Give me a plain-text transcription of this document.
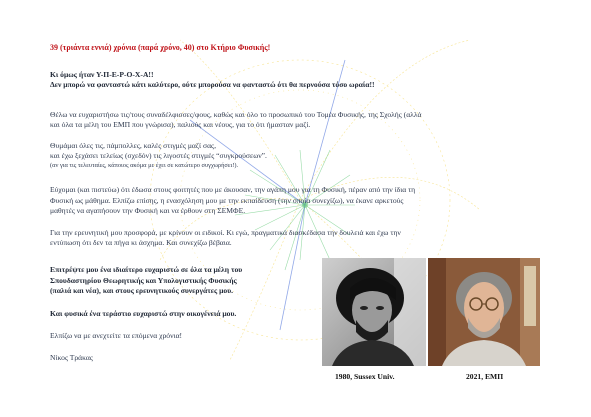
39 (τριάντα εννιά) χρόνια (παρά χρόνο, 40) στο Κτήριο Φυσικής!
Κι όμως ήταν Υ-Π-Ε-Ρ-Ο-Χ-Α!!
Δεν μπορώ να φανταστώ κάτι καλύτερο, ούτε μπορούσα να φανταστώ ότι θα περνούσα τόσο ωραία!!
Θέλω να ευχαριστήσω τις/τους συναδέλφισσες/φους, καθώς και όλο το προσωπικό του Τομέα Φυσικής, της Σχολής (αλλά
και όλα τα μέλη του ΕΜΠ που γνώρισα), παλιούς και νέους, για το ότι ήμασταν μαζί.
Θυμάμαι όλες τις, πάμπολλες, καλές στιγμές μαζί σας,
και έχω ξεχάσει τελείως (σχεδόν) τις λιγοστές στιγμές “συγκρούσεων”.
(αν για τις τελευταίες, κάποιος ακόμα με έχει σε κατώτερο συγχωρήσει!).
Εύχομαι (και πιστεύω) ότι έδωσα στους φοιτητές που με άκουσαν, την αγάπη μου για τη Φυσική, πέραν από την ίδια τη
Φυσική ως μάθημα. Ελπίζω επίσης, η ενασχόληση μου με την εκπαίδευση (την οποία συνεχίζω), να έκανε αρκετούς
μαθητές να αγαπήσουν την Φυσική και να έρθουν στη ΣΕΜΦΕ.
Για την ερευνητική μου προσφορά, με κρίνουν οι ειδικοί. Κι εγώ, πραγματικά διασκέδασα την δουλειά και έχω την
εντύπωση ότι δεν τα πήγα κι άσχημα. Και συνεχίζω βέβαια.
Επιτρέψτε μου ένα ιδιαίτερο ευχαριστώ σε όλα τα μέλη του
Σπουδαστηρίου Θεωρητικής και Υπολογιστικής Φυσικής
(παλιά και νέα), και στους ερευνητικούς συνεργάτες μου.
Και φυσικά ένα τεράστιο ευχαριστώ στην οικογένειά μου.
Ελπίζω να με ανεχτείτε τα επόμενα χρόνια!
Νίκος Τράκας
1980, Sussex Univ.	2021, ΕΜΠ
